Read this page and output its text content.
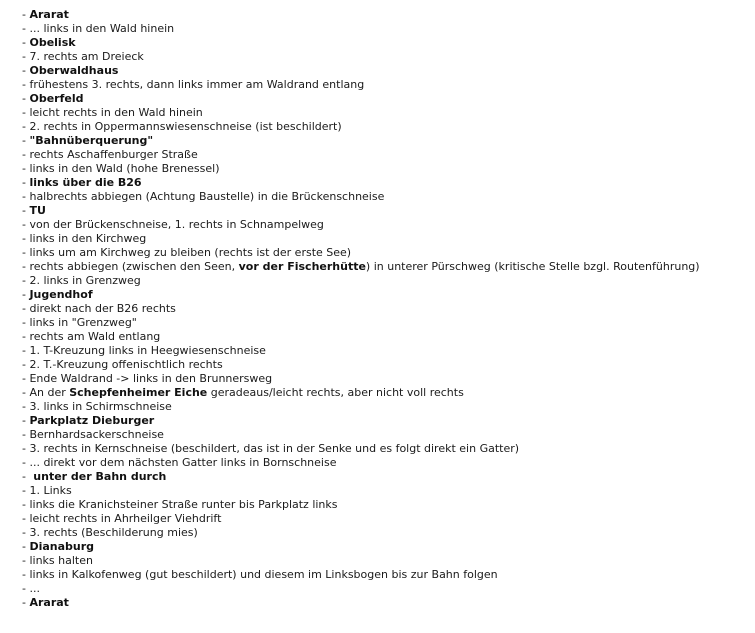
- Ararat
- ... links in den Wald hinein
- Obelisk
- 7. rechts am Dreieck
- Oberwaldhaus
- frühestens 3. rechts, dann links immer am Waldrand entlang
- Oberfeld
- leicht rechts in den Wald hinein
- 2. rechts in Oppermannswiesenschneise (ist beschildert)
- "Bahnüberquerung"
- rechts Aschaffenburger Straße
- links in den Wald (hohe Brenessel)
- links über die B26
- halbrechts abbiegen (Achtung Baustelle) in die Brückenschneise
- TU
- von der Brückenschneise, 1. rechts in Schnampelweg
- links in den Kirchweg
- links um am Kirchweg zu bleiben (rechts ist der erste See)
- rechts abbiegen (zwischen den Seen, vor der Fischerhütte) in unterer Pürschweg (kritische Stelle bzgl. Routenführung)
- 2. links in Grenzweg
- Jugendhof
- direkt nach der B26 rechts
- links in "Grenzweg"
- rechts am Wald entlang
- 1. T-Kreuzung links in Heegwiesenschneise
- 2. T.-Kreuzung offenischtlich rechts
- Ende Waldrand -> links in den Brunnersweg
- An der Schepfenheimer Eiche geradeaus/leicht rechts, aber nicht voll rechts
- 3. links in Schirmschneise
- Parkplatz Dieburger
- Bernhardsackerschneise
- 3. rechts in Kernschneise (beschildert, das ist in der Senke und es folgt direkt ein Gatter)
- ... direkt vor dem nächsten Gatter links in Bornschneise
-  unter der Bahn durch
- 1. Links
- links die Kranichsteiner Straße runter bis Parkplatz links
- leicht rechts in Ahrheilger Viehdrift
- 3. rechts (Beschilderung mies)
- Dianaburg
- links halten
- links in Kalkofenweg (gut beschildert) und diesem im Linksbogen bis zur Bahn folgen
- ...
- Ararat
